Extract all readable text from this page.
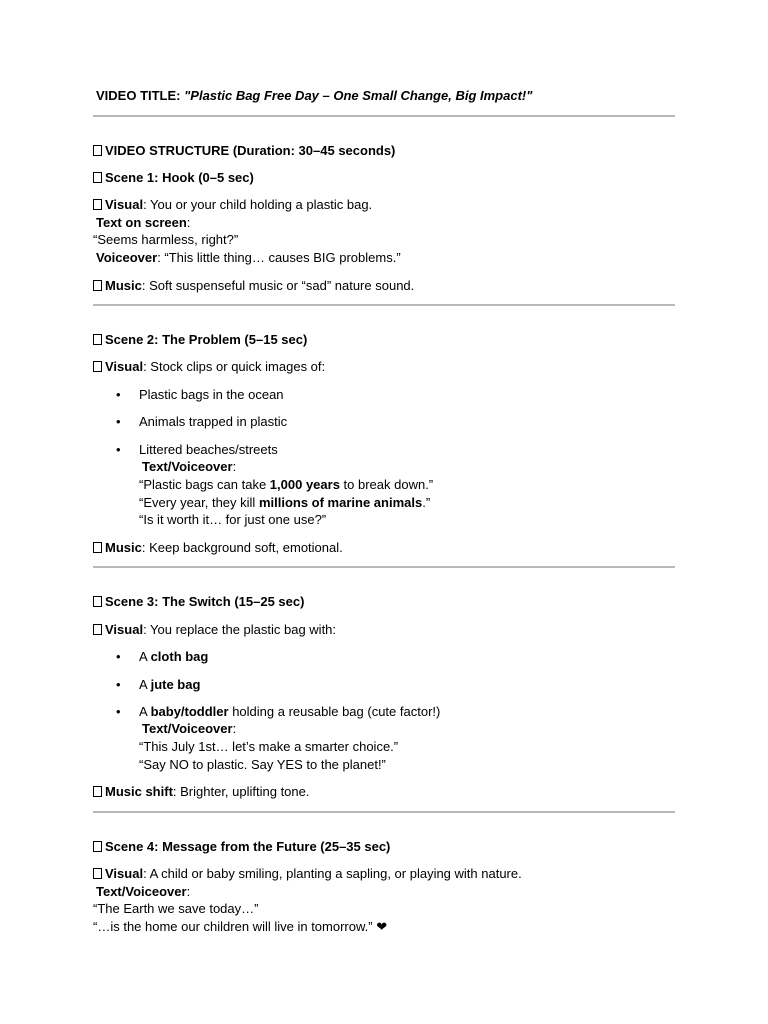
VIDEO TITLE: "Plastic Bag Free Day – One Small Change, Big Impact!"
VIDEO STRUCTURE (Duration: 30–45 seconds)
Scene 1: Hook (0–5 sec)
Visual: You or your child holding a plastic bag.
Text on screen:
“Seems harmless, right?”
Voiceover: “This little thing… causes BIG problems.”
Music: Soft suspenseful music or “sad” nature sound.
Scene 2: The Problem (5–15 sec)
Visual: Stock clips or quick images of:
• Plastic bags in the ocean
• Animals trapped in plastic
• Littered beaches/streets
Text/Voiceover:
“Plastic bags can take 1,000 years to break down.”
“Every year, they kill millions of marine animals.”
“Is it worth it… for just one use?”
Music: Keep background soft, emotional.
Scene 3: The Switch (15–25 sec)
Visual: You replace the plastic bag with:
• A cloth bag
• A jute bag
• A baby/toddler holding a reusable bag (cute factor!)
Text/Voiceover:
“This July 1st… let’s make a smarter choice.”
“Say NO to plastic. Say YES to the planet!”
Music shift: Brighter, uplifting tone.
Scene 4: Message from the Future (25–35 sec)
Visual: A child or baby smiling, planting a sapling, or playing with nature.
Text/Voiceover:
“The Earth we save today…”
“…is the home our children will live in tomorrow.” ❤
